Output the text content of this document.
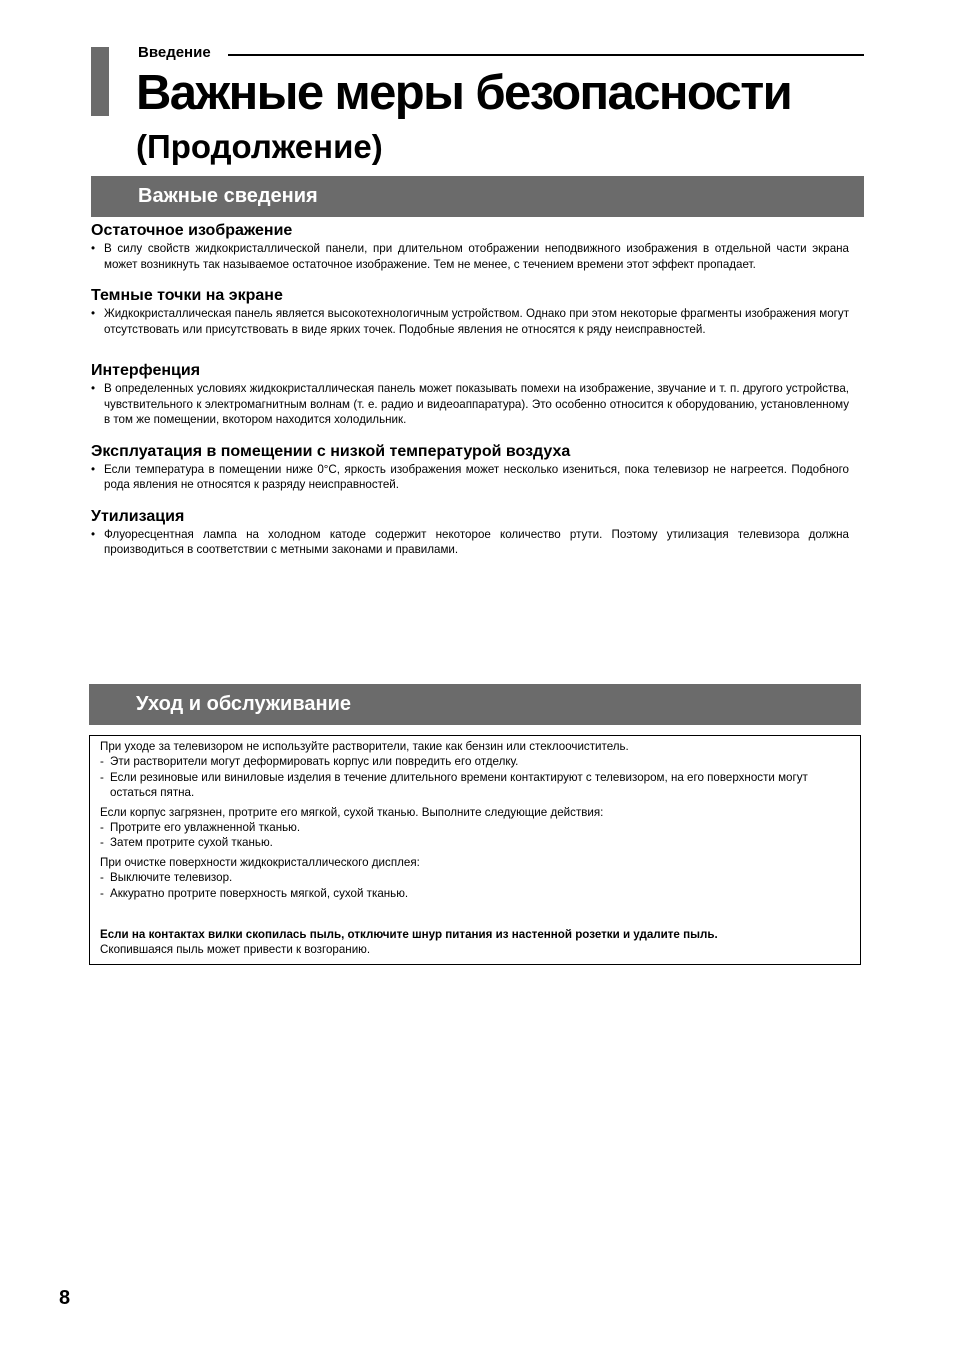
Введение
Важные меры безопасности
(Продолжение)
Важные сведения
Остаточное изображение
• В силу свойств жидкокристаллической панели, при длительном отображении неподвижного изображения в отдельной части экрана может возникнуть так называемое остаточное изображение. Тем не менее, с течением времени этот эффект пропадает.
Темные точки на экране
• Жидкокристаллическая панель является высокотехнологичным устройством. Однако при этом некоторые фрагменты изображения могут отсутствовать или присутствовать в виде ярких точек. Подобные явления не относятся к ряду неисправностей.
Интерфенция
• В определенных условиях жидкокристаллическая панель может показывать помехи на изображение, звучание и т. п. другого устройства, чувствительного к электромагнитным волнам (т. е. радио и видеоаппаратура). Это особенно относится к оборудованию, установленному в том же помещении, вкотором находится холодильник.
Эксплуатация в помещении с низкой температурой воздуха
• Если температура в помещении ниже 0°C, яркость изображения может несколько изениться, пока телевизор не нагреется. Подобного рода явления не относятся к разряду неисправностей.
Утилизация
• Флуоресцентная лампа на холодном катоде содержит некоторое количество ртути. Поэтому утилизация телевизора должна производиться в соответствии с метными законами и правилами.
Уход и обслуживание

При уходе за телевизором не используйте растворители, такие как бензин или стеклоочиститель.

- Эти растворители могут деформировать корпус или повредить его отделку.
- Если резиновые или виниловые изделия в течение длительного времени контактируют с телевизором, на его поверхности могут остаться пятна.

Если корпус загрязнен, протрите его мягкой, сухой тканью. Выполните следующие действия:

- Протрите его увлажненной тканью.
- Затем протрите сухой тканью.

При очистке поверхности жидкокристаллического дисплея:

- Выключите телевизор.
- Аккуратно протрите поверхность мягкой, сухой тканью.

Если на контактах вилки скопилась пыль, отключите шнур питания из настенной розетки и удалите пыль.

Скопившаяся пыль может привести к возгоранию.

8
